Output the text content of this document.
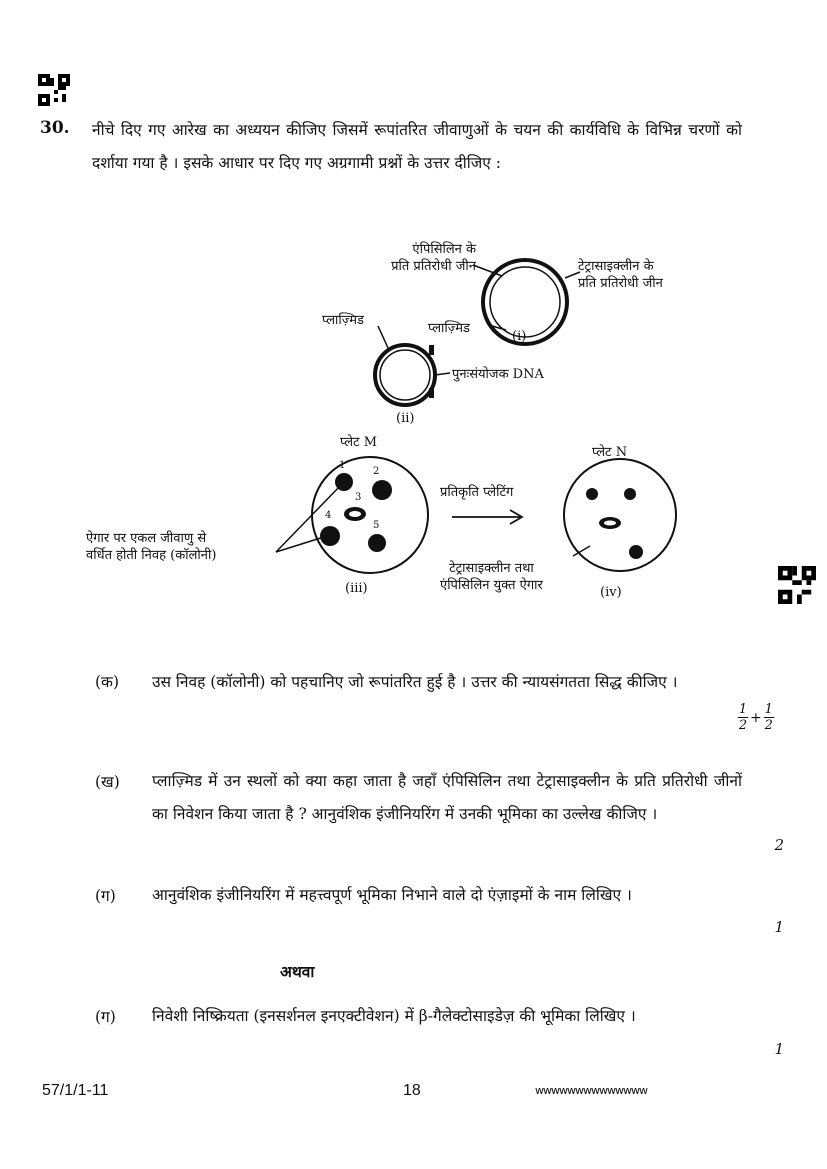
30. नीचे दिए गए आरेख का अध्ययन कीजिए जिसमें रूपांतरित जीवाणुओं के चयन की कार्यविधि के विभिन्न चरणों को दर्शाया गया है । इसके आधार पर दिए गए अग्रगामी प्रश्नों के उत्तर दीजिए :
एंपिसिलिन के
प्रति प्रतिरोधी जीन	टेट्रासाइक्लीन के
प्रति प्रतिरोधी जीन
प्लाज़्मिड
(i)
प्लाज़्मिड
पुनःसंयोजक DNA
(ii)
प्लेट M
प्लेट N
1
2
3
4
5
प्रतिकृति प्लेटिंग
ऐगार पर एकल जीवाणु से
वर्धित होती निवह (कॉलोनी)
टेट्रासाइक्लीन तथा
एंपिसिलिन युक्त ऐगार
(iii)	(iv)
(क) उस निवह (कॉलोनी) को पहचानिए जो रूपांतरित हुई है । उत्तर की न्यायसंगतता सिद्ध कीजिए ।
$\frac{1}{2} + \frac{1}{2}$
(ख) प्लाज़्मिड में उन स्थलों को क्या कहा जाता है जहाँ एंपिसिलिन तथा टेट्रासाइक्लीन के प्रति प्रतिरोधी जीनों का निवेशन किया जाता है ? आनुवंशिक इंजीनियरिंग में उनकी भूमिका का उल्लेख कीजिए ।
2
(ग) आनुवंशिक इंजीनियरिंग में महत्त्वपूर्ण भूमिका निभाने वाले दो एंज़ाइमों के नाम लिखिए ।
1
अथवा
(ग) निवेशी निष्क्रियता (इनसर्शनल इनएक्टीवेशन) में β-गैलेक्टोसाइडेज़ की भूमिका लिखिए ।
1
57/1/1-11	18	wwwwwwwwwwwwww
